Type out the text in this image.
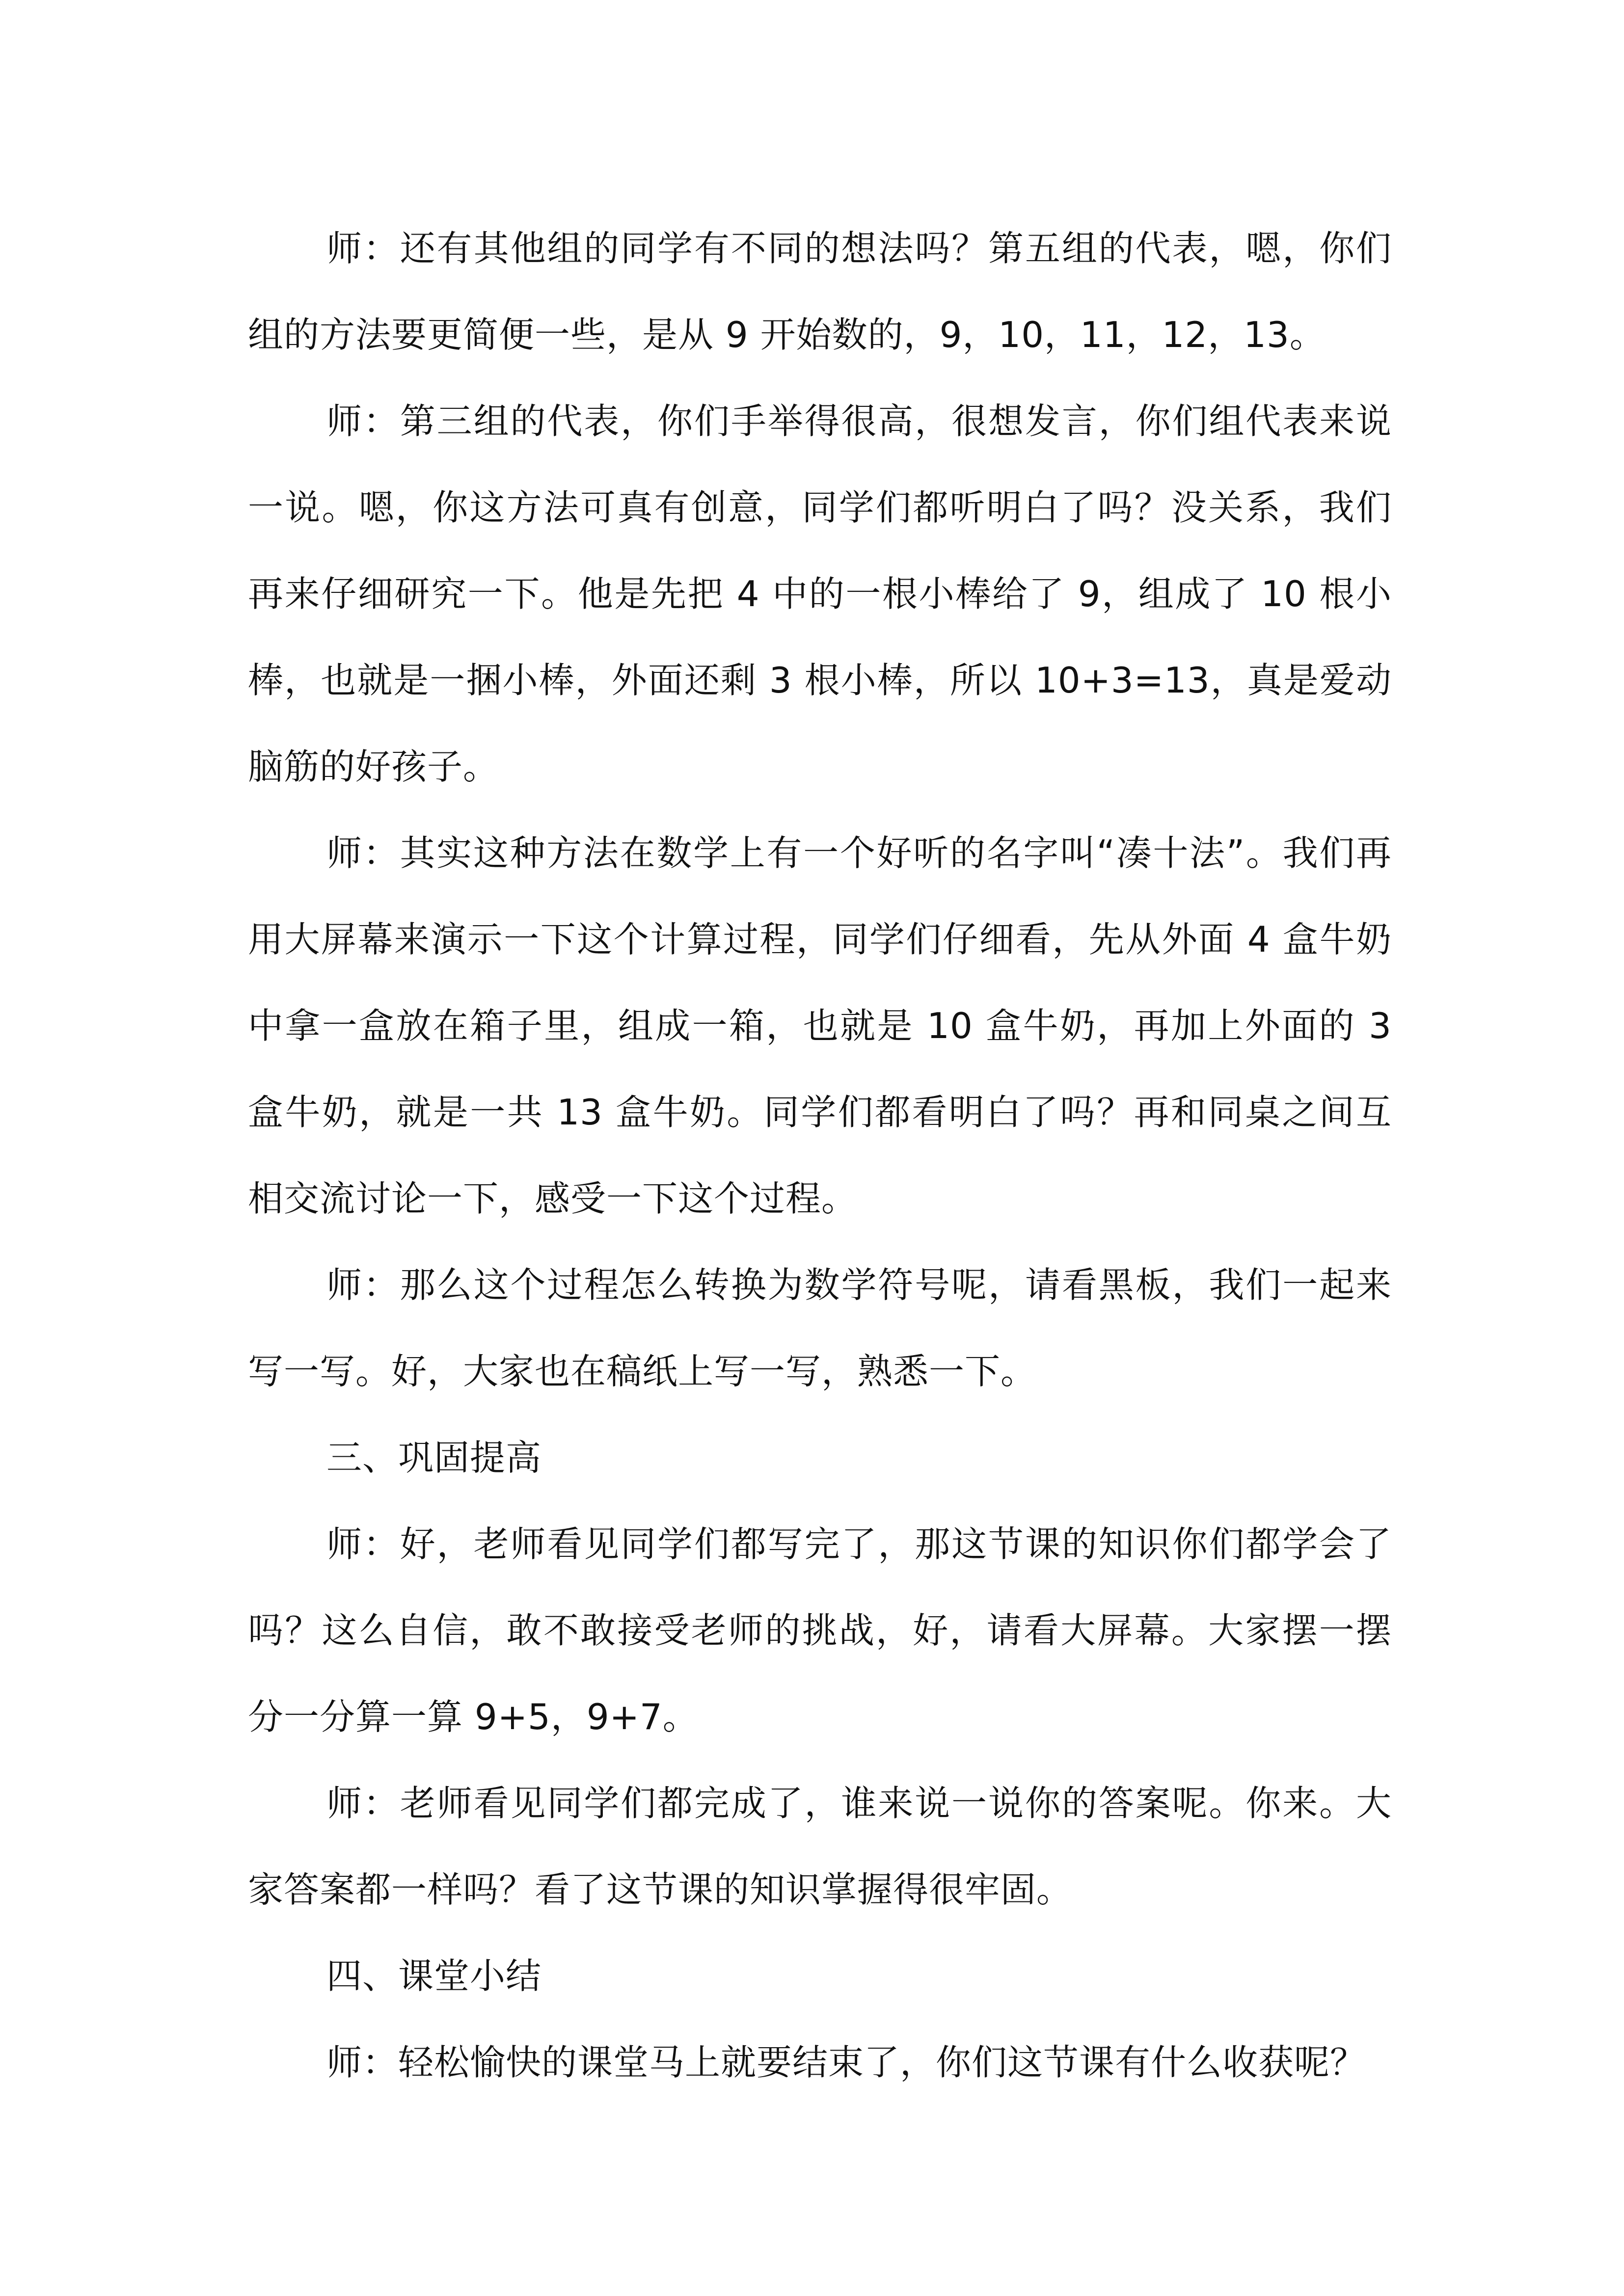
师：还有其他组的同学有不同的想法吗？第五组的代表，嗯，你们组的方法要更简便一些，是从 9 开始数的，9，10，11，12，13。

师：第三组的代表，你们手举得很高，很想发言，你们组代表来说一说。嗯，你这方法可真有创意，同学们都听明白了吗？没关系，我们再来仔细研究一下。他是先把 4 中的一根小棒给了 9，组成了 10 根小棒，也就是一捆小棒，外面还剩 3 根小棒，所以 10+3=13，真是爱动脑筋的好孩子。

师：其实这种方法在数学上有一个好听的名字叫“凑十法”。我们再用大屏幕来演示一下这个计算过程，同学们仔细看，先从外面 4 盒牛奶中拿一盒放在箱子里，组成一箱，也就是 10 盒牛奶，再加上外面的 3 盒牛奶，就是一共 13 盒牛奶。同学们都看明白了吗？再和同桌之间互相交流讨论一下，感受一下这个过程。

师：那么这个过程怎么转换为数学符号呢，请看黑板，我们一起来写一写。好，大家也在稿纸上写一写，熟悉一下。

三、巩固提高

师：好，老师看见同学们都写完了，那这节课的知识你们都学会了吗？这么自信，敢不敢接受老师的挑战，好，请看大屏幕。大家摆一摆分一分算一算 9+5，9+7。

师：老师看见同学们都完成了，谁来说一说你的答案呢。你来。大家答案都一样吗？看了这节课的知识掌握得很牢固。

四、课堂小结

师：轻松愉快的课堂马上就要结束了，你们这节课有什么收获呢？
